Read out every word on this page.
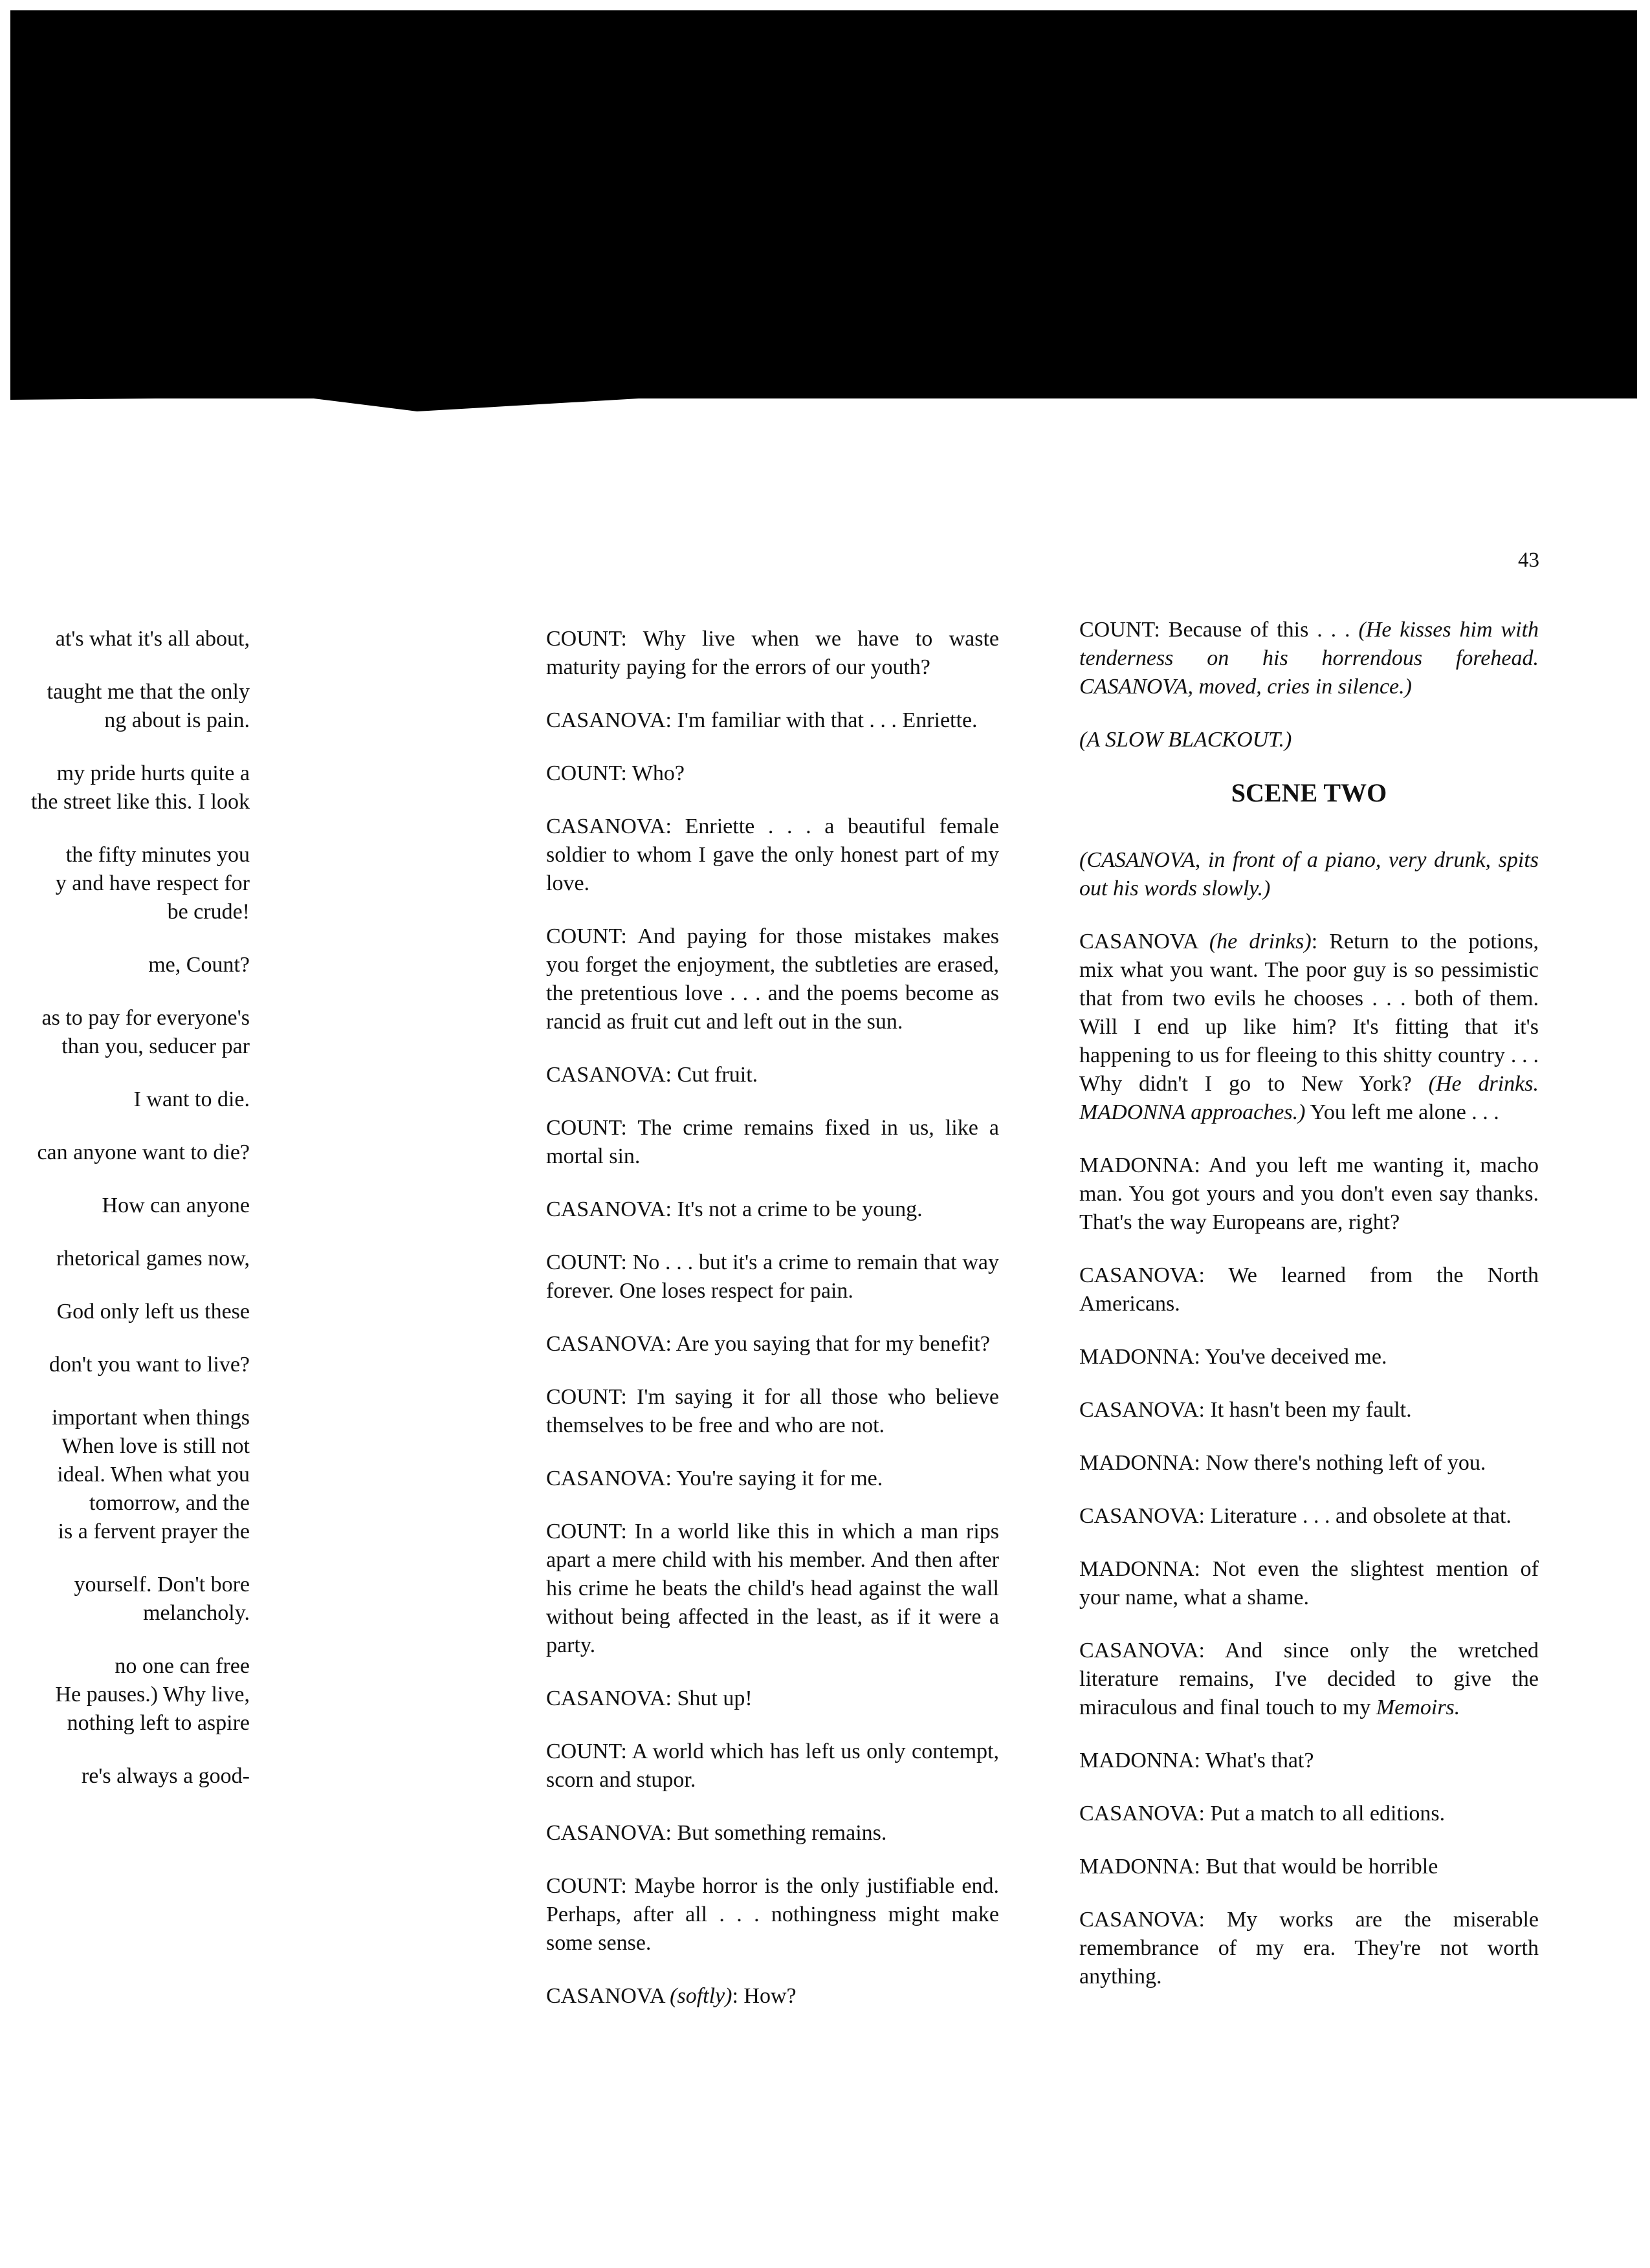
43
at's what it's all about,
taught me that the only
ng about is pain.
my pride hurts quite a
the street like this. I look
the fifty minutes you
y and have respect for
be crude!
me, Count?
as to pay for everyone's
than you, seducer par
I want to die.
can anyone want to die?
How can anyone
rhetorical games now,
God only left us these
don't you want to live?
important when things
When love is still not
ideal. When what you
tomorrow, and the
is a fervent prayer the
yourself. Don't bore
melancholy.
no one can free
He pauses.) Why live,
nothing left to aspire
re's always a good-

COUNT: Why live when we have to waste maturity paying for the errors of our youth?

CASANOVA: I'm familiar with that . . . Enriette.

COUNT: Who?

CASANOVA: Enriette . . . a beautiful female soldier to whom I gave the only honest part of my love.

COUNT: And paying for those mistakes makes you forget the enjoyment, the subtleties are erased, the pretentious love . . . and the poems become as rancid as fruit cut and left out in the sun.

CASANOVA: Cut fruit.

COUNT: The crime remains fixed in us, like a mortal sin.

CASANOVA: It's not a crime to be young.

COUNT: No . . . but it's a crime to remain that way forever. One loses respect for pain.

CASANOVA: Are you saying that for my benefit?

COUNT: I'm saying it for all those who believe themselves to be free and who are not.

CASANOVA: You're saying it for me.

COUNT: In a world like this in which a man rips apart a mere child with his member. And then after his crime he beats the child's head against the wall without being affected in the least, as if it were a party.

CASANOVA: Shut up!

COUNT: A world which has left us only contempt, scorn and stupor.

CASANOVA: But something remains.

COUNT: Maybe horror is the only justifiable end. Perhaps, after all . . . nothingness might make some sense.

CASANOVA (softly): How?

COUNT: Because of this . . . (He kisses him with tenderness on his horrendous forehead. CASANOVA, moved, cries in silence.)

(A SLOW BLACKOUT.)

SCENE TWO

(CASANOVA, in front of a piano, very drunk, spits out his words slowly.)

CASANOVA (he drinks): Return to the potions, mix what you want. The poor guy is so pessimistic that from two evils he chooses . . . both of them. Will I end up like him? It's fitting that it's happening to us for fleeing to this shitty country . . . Why didn't I go to New York? (He drinks. MADONNA approaches.) You left me alone . . .

MADONNA: And you left me wanting it, macho man. You got yours and you don't even say thanks. That's the way Europeans are, right?

CASANOVA: We learned from the North Americans.

MADONNA: You've deceived me.

CASANOVA: It hasn't been my fault.

MADONNA: Now there's nothing left of you.

CASANOVA: Literature . . . and obsolete at that.

MADONNA: Not even the slightest mention of your name, what a shame.

CASANOVA: And since only the wretched literature remains, I've decided to give the miraculous and final touch to my Memoirs.

MADONNA: What's that?

CASANOVA: Put a match to all editions.

MADONNA: But that would be horrible

CASANOVA: My works are the miserable remembrance of my era. They're not worth anything.
